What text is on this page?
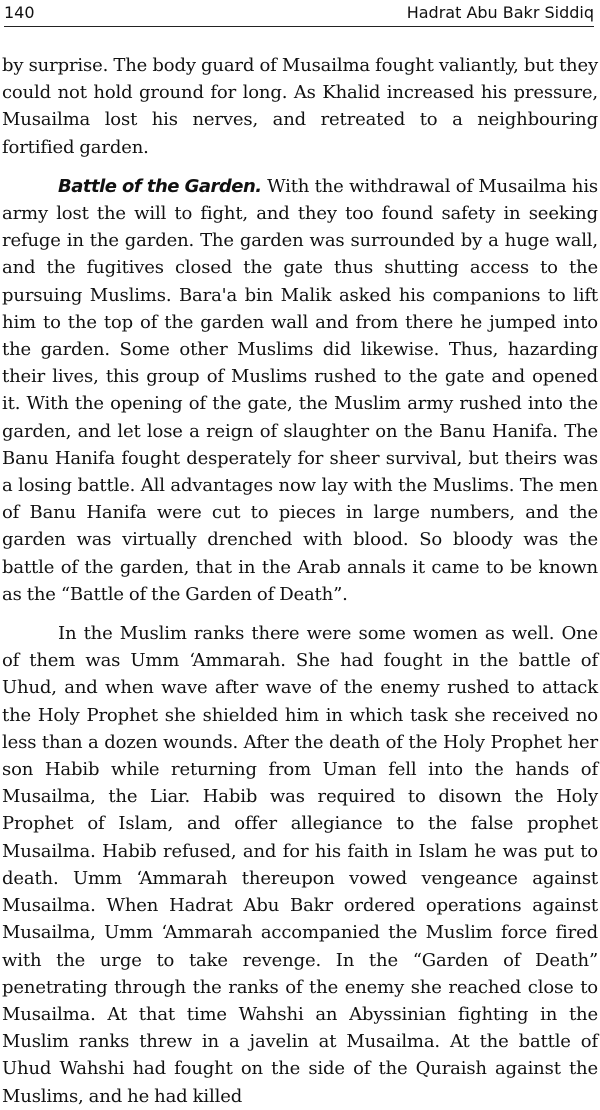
140	Hadrat Abu Bakr Siddiq

by surprise. The body guard of Musailma fought valiantly, but they could not hold ground for long. As Khalid increased his pressure, Musailma lost his nerves, and retreated to a neighbouring fortified garden.

Battle of the Garden. With the withdrawal of Musailma his army lost the will to fight, and they too found safety in seeking refuge in the garden. The garden was surrounded by a huge wall, and the fugitives closed the gate thus shutting access to the pursuing Muslims. Bara'a bin Malik asked his companions to lift him to the top of the garden wall and from there he jumped into the garden. Some other Muslims did likewise. Thus, hazarding their lives, this group of Muslims rushed to the gate and opened it. With the opening of the gate, the Muslim army rushed into the garden, and let lose a reign of slaughter on the Banu Hanifa. The Banu Hanifa fought desperately for sheer survival, but theirs was a losing battle. All advantages now lay with the Muslims. The men of Banu Hanifa were cut to pieces in large numbers, and the garden was virtually drenched with blood. So bloody was the battle of the garden, that in the Arab annals it came to be known as the “Battle of the Garden of Death”.

In the Muslim ranks there were some women as well. One of them was Umm ‘Ammarah. She had fought in the battle of Uhud, and when wave after wave of the enemy rushed to attack the Holy Prophet she shielded him in which task she received no less than a dozen wounds. After the death of the Holy Prophet her son Habib while returning from Uman fell into the hands of Musailma, the Liar. Habib was required to disown the Holy Prophet of Islam, and offer allegiance to the false prophet Musailma. Habib refused, and for his faith in Islam he was put to death. Umm ‘Ammarah thereupon vowed vengeance against Musailma. When Hadrat Abu Bakr ordered operations against Musailma, Umm ‘Ammarah accompanied the Muslim force fired with the urge to take revenge. In the “Garden of Death” penetrating through the ranks of the enemy she reached close to Musailma. At that time Wahshi an Abyssinian fighting in the Muslim ranks threw in a javelin at Musailma. At the battle of Uhud Wahshi had fought on the side of the Quraish against the Muslims, and he had killed
